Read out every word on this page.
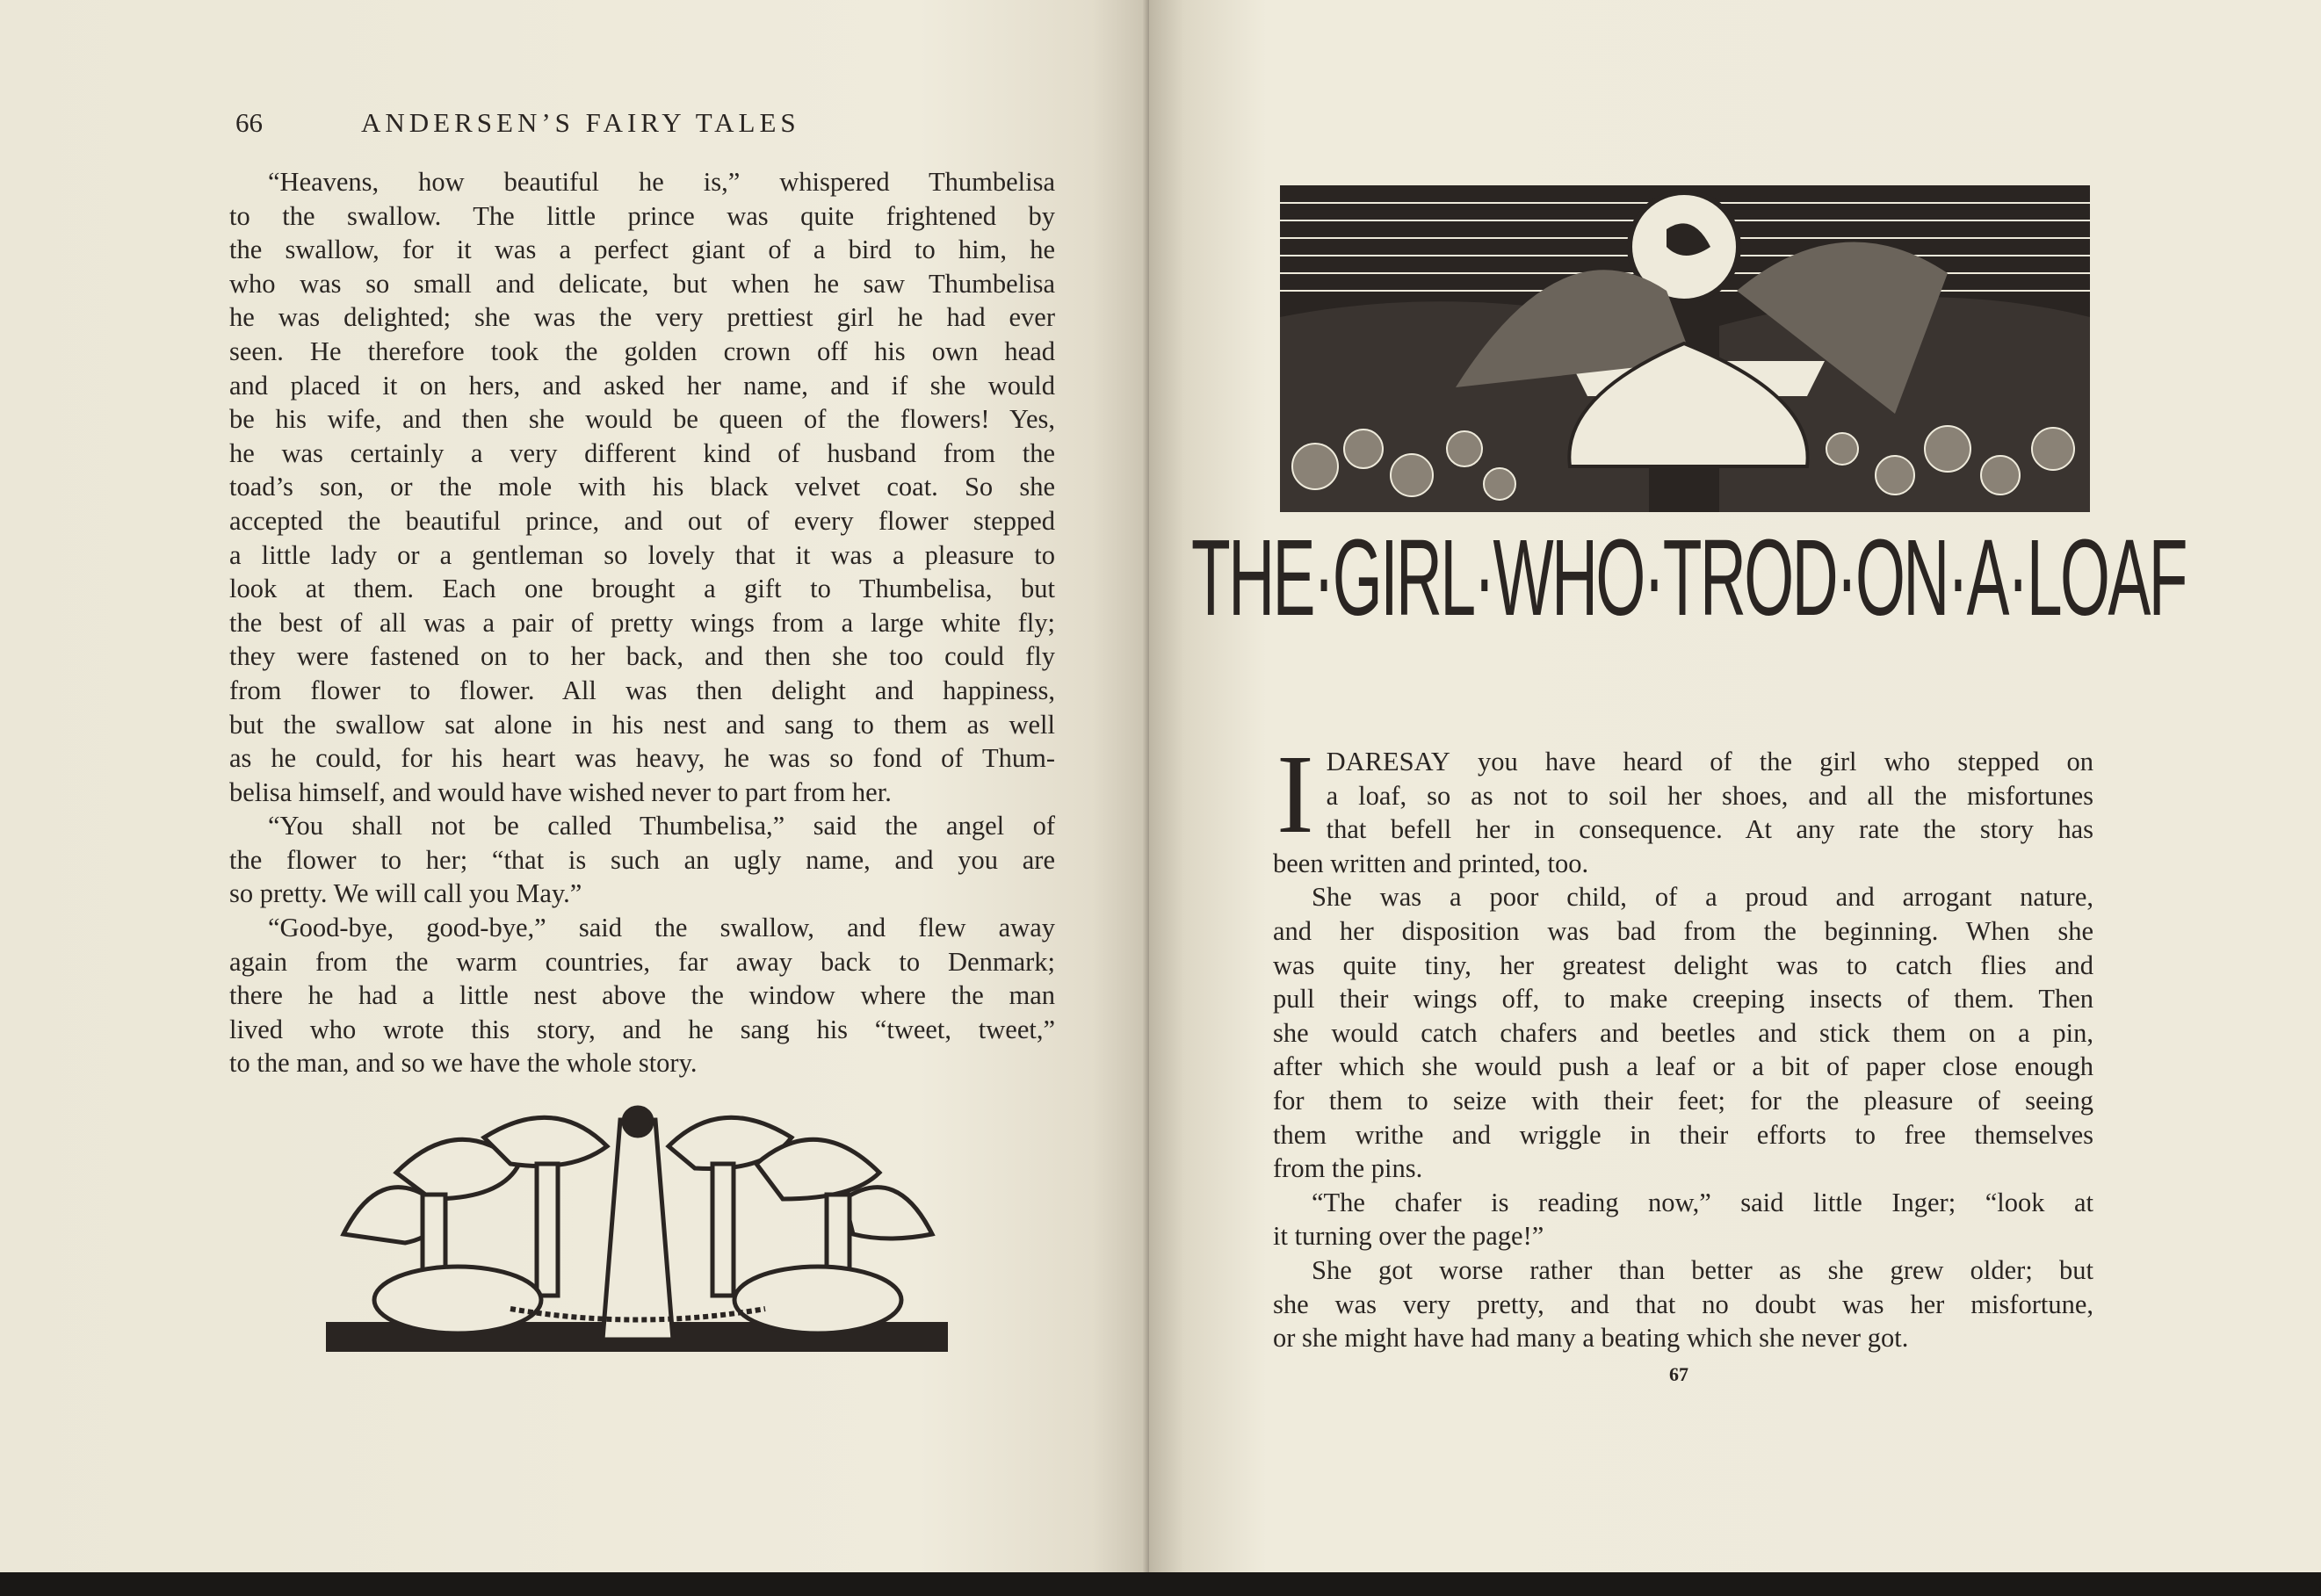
66	ANDERSEN’S FAIRY TALES
“Heavens, how beautiful he is,” whispered Thumbelisa
to the swallow. The little prince was quite frightened by
the swallow, for it was a perfect giant of a bird to him, he
who was so small and delicate, but when he saw Thumbelisa
he was delighted; she was the very prettiest girl he had ever
seen. He therefore took the golden crown off his own head
and placed it on hers, and asked her name, and if she would
be his wife, and then she would be queen of the flowers! Yes,
he was certainly a very different kind of husband from the
toad’s son, or the mole with his black velvet coat. So she
accepted the beautiful prince, and out of every flower stepped
a little lady or a gentleman so lovely that it was a pleasure to
look at them. Each one brought a gift to Thumbelisa, but
the best of all was a pair of pretty wings from a large white fly;
they were fastened on to her back, and then she too could fly
from flower to flower. All was then delight and happiness,
but the swallow sat alone in his nest and sang to them as well
as he could, for his heart was heavy, he was so fond of Thum-
belisa himself, and would have wished never to part from her.
“You shall not be called Thumbelisa,” said the angel of
the flower to her; “that is such an ugly name, and you are
so pretty. We will call you May.”
“Good-bye, good-bye,” said the swallow, and flew away
again from the warm countries, far away back to Denmark;
there he had a little nest above the window where the man
lived who wrote this story, and he sang his “tweet, tweet,”
to the man, and so we have the whole story.
THE·GIRL·WHO·TROD·ON·A·LOAF
I DARESAY you have heard of the girl who stepped on
a loaf, so as not to soil her shoes, and all the misfortunes
that befell her in consequence. At any rate the story has
been written and printed, too.
She was a poor child, of a proud and arrogant nature,
and her disposition was bad from the beginning. When she
was quite tiny, her greatest delight was to catch flies and
pull their wings off, to make creeping insects of them. Then
she would catch chafers and beetles and stick them on a pin,
after which she would push a leaf or a bit of paper close enough
for them to seize with their feet; for the pleasure of seeing
them writhe and wriggle in their efforts to free themselves
from the pins.
“The chafer is reading now,” said little Inger; “look at
it turning over the page!”
She got worse rather than better as she grew older; but
she was very pretty, and that no doubt was her misfortune,
or she might have had many a beating which she never got.
67
